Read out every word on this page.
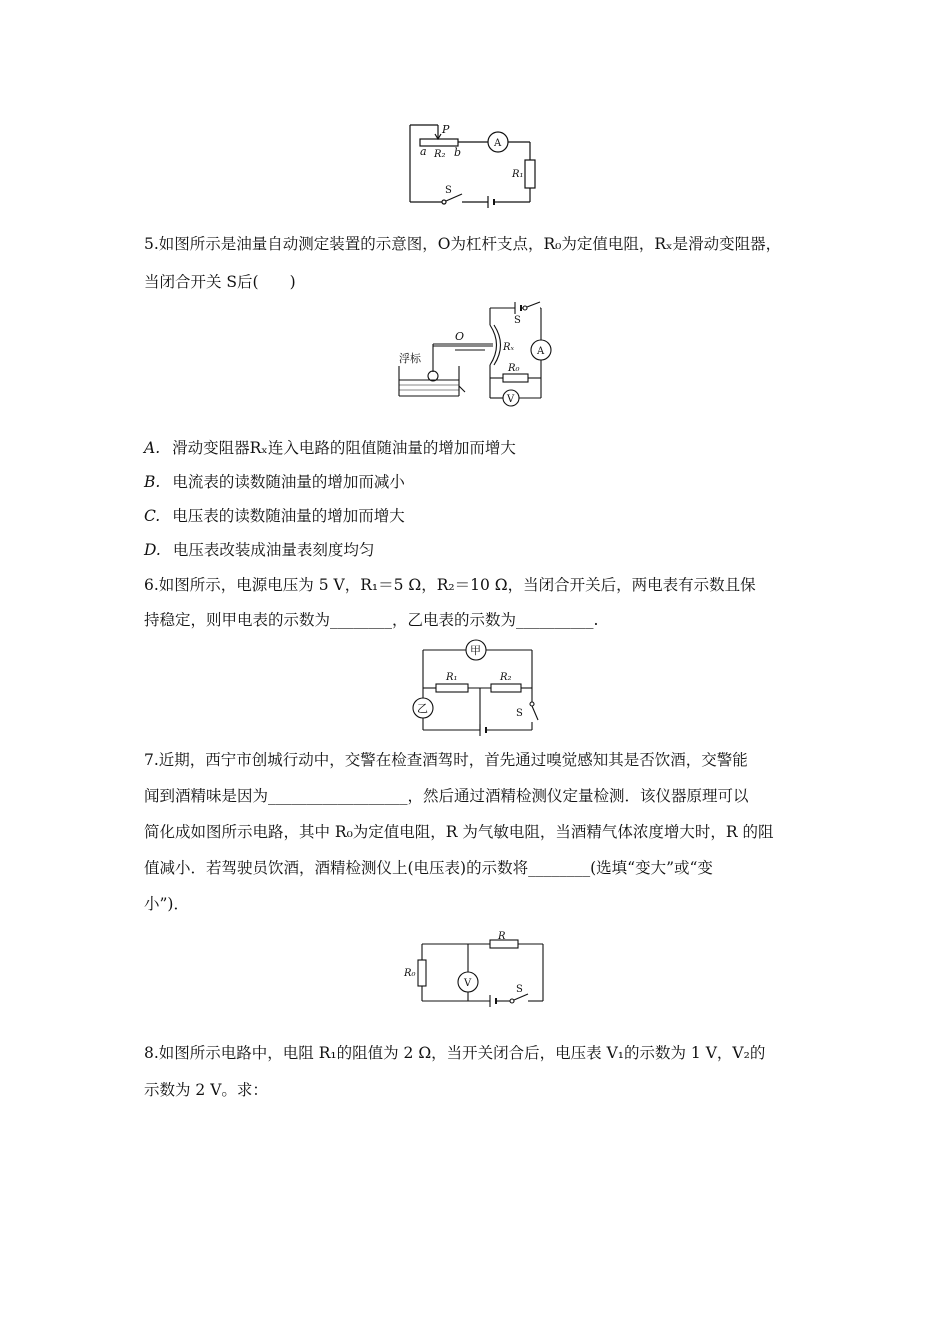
P
a R₂ b
A
R₁
S
5.如图所示是油量自动测定装置的示意图，O为杠杆支点，R₀为定值电阻，Rₓ是滑动变阻器，
当闭合开关 S后(　　)
S
O
Rₓ
浮标
A
R₀
V
A. 滑动变阻器Rₓ连入电路的阻值随油量的增加而增大
B. 电流表的读数随油量的增加而减小
C. 电压表的读数随油量的增加而增大
D. 电压表改装成油量表刻度均匀
6.如图所示，电源电压为 5 V，R₁＝5 Ω，R₂＝10 Ω，当闭合开关后，两电表有示数且保
持稳定，则甲电表的示数为________，乙电表的示数为__________.
甲
R₁	R₂
乙	S
7.近期，西宁市创城行动中，交警在检查酒驾时，首先通过嗅觉感知其是否饮酒，交警能
闻到酒精味是因为__________________，然后通过酒精检测仪定量检测．该仪器原理可以
简化成如图所示电路，其中 R₀为定值电阻，R 为气敏电阻，当酒精气体浓度增大时，R 的阻
值减小．若驾驶员饮酒，酒精检测仪上(电压表)的示数将________(选填“变大”或“变
小”)．
R
R₀
V
S
8.如图所示电路中，电阻 R₁的阻值为 2 Ω，当开关闭合后，电压表 V₁的示数为 1 V，V₂的
示数为 2 V。求：
